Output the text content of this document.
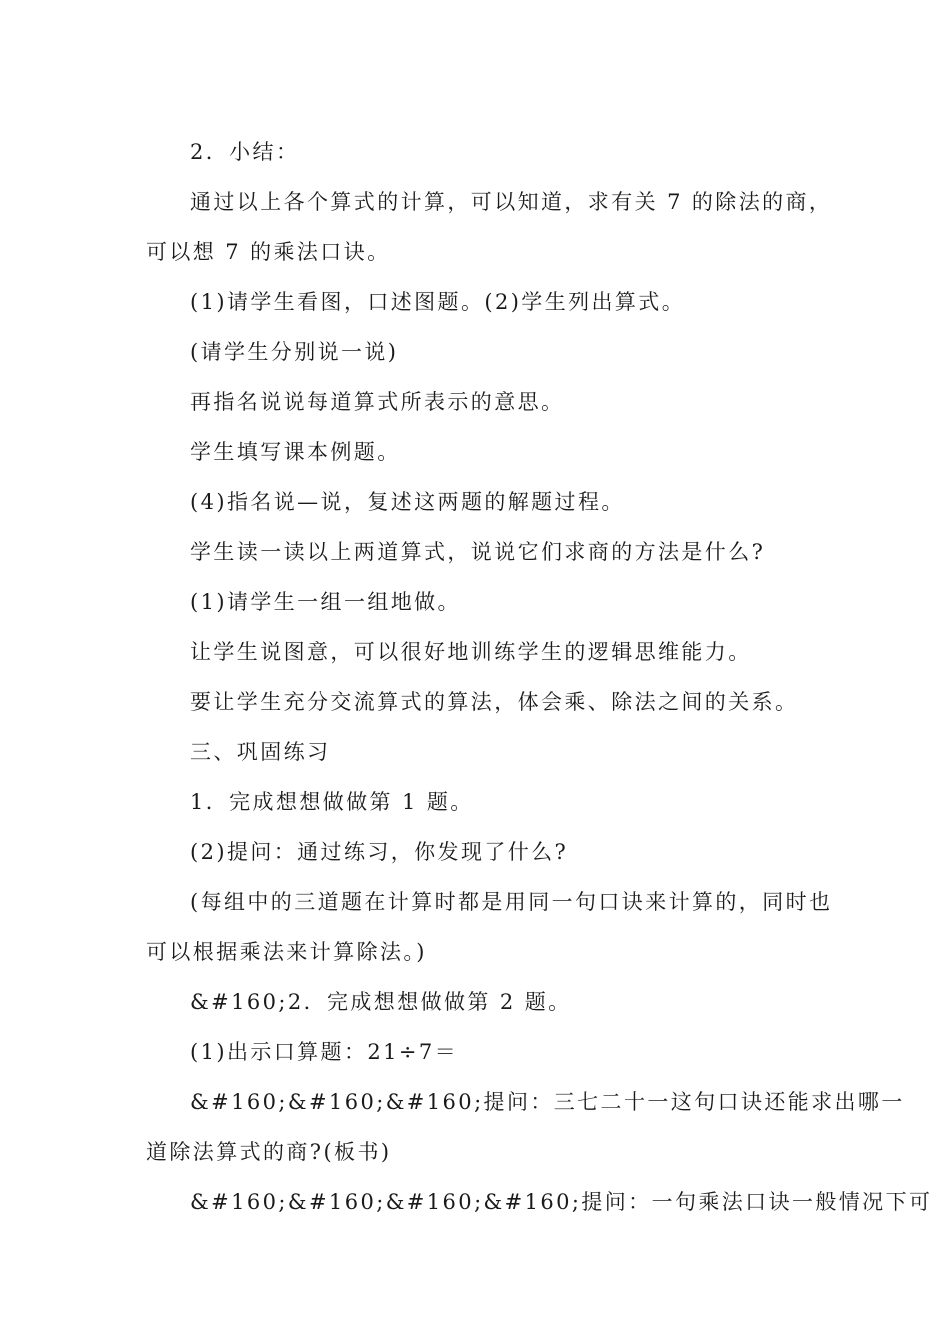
2．小结：
通过以上各个算式的计算，可以知道，求有关 7 的除法的商，
可以想 7 的乘法口诀。
(1)请学生看图，口述图题。(2)学生列出算式。
(请学生分别说一说)
再指名说说每道算式所表示的意思。
学生填写课本例题。
(4)指名说—说，复述这两题的解题过程。
学生读一读以上两道算式，说说它们求商的方法是什么?
(1)请学生一组一组地做。
让学生说图意，可以很好地训练学生的逻辑思维能力。
要让学生充分交流算式的算法，体会乘、除法之间的关系。
三、巩固练习
1．完成想想做做第 1 题。
(2)提问：通过练习，你发现了什么?
(每组中的三道题在计算时都是用同一句口诀来计算的，同时也
可以根据乘法来计算除法。)
&#160;2．完成想想做做第 2 题。
(1)出示口算题：21÷7＝
&#160;&#160;&#160;提问：三七二十一这句口诀还能求出哪一
道除法算式的商?(板书)
&#160;&#160;&#160;&#160;提问：一句乘法口诀一般情况下可
